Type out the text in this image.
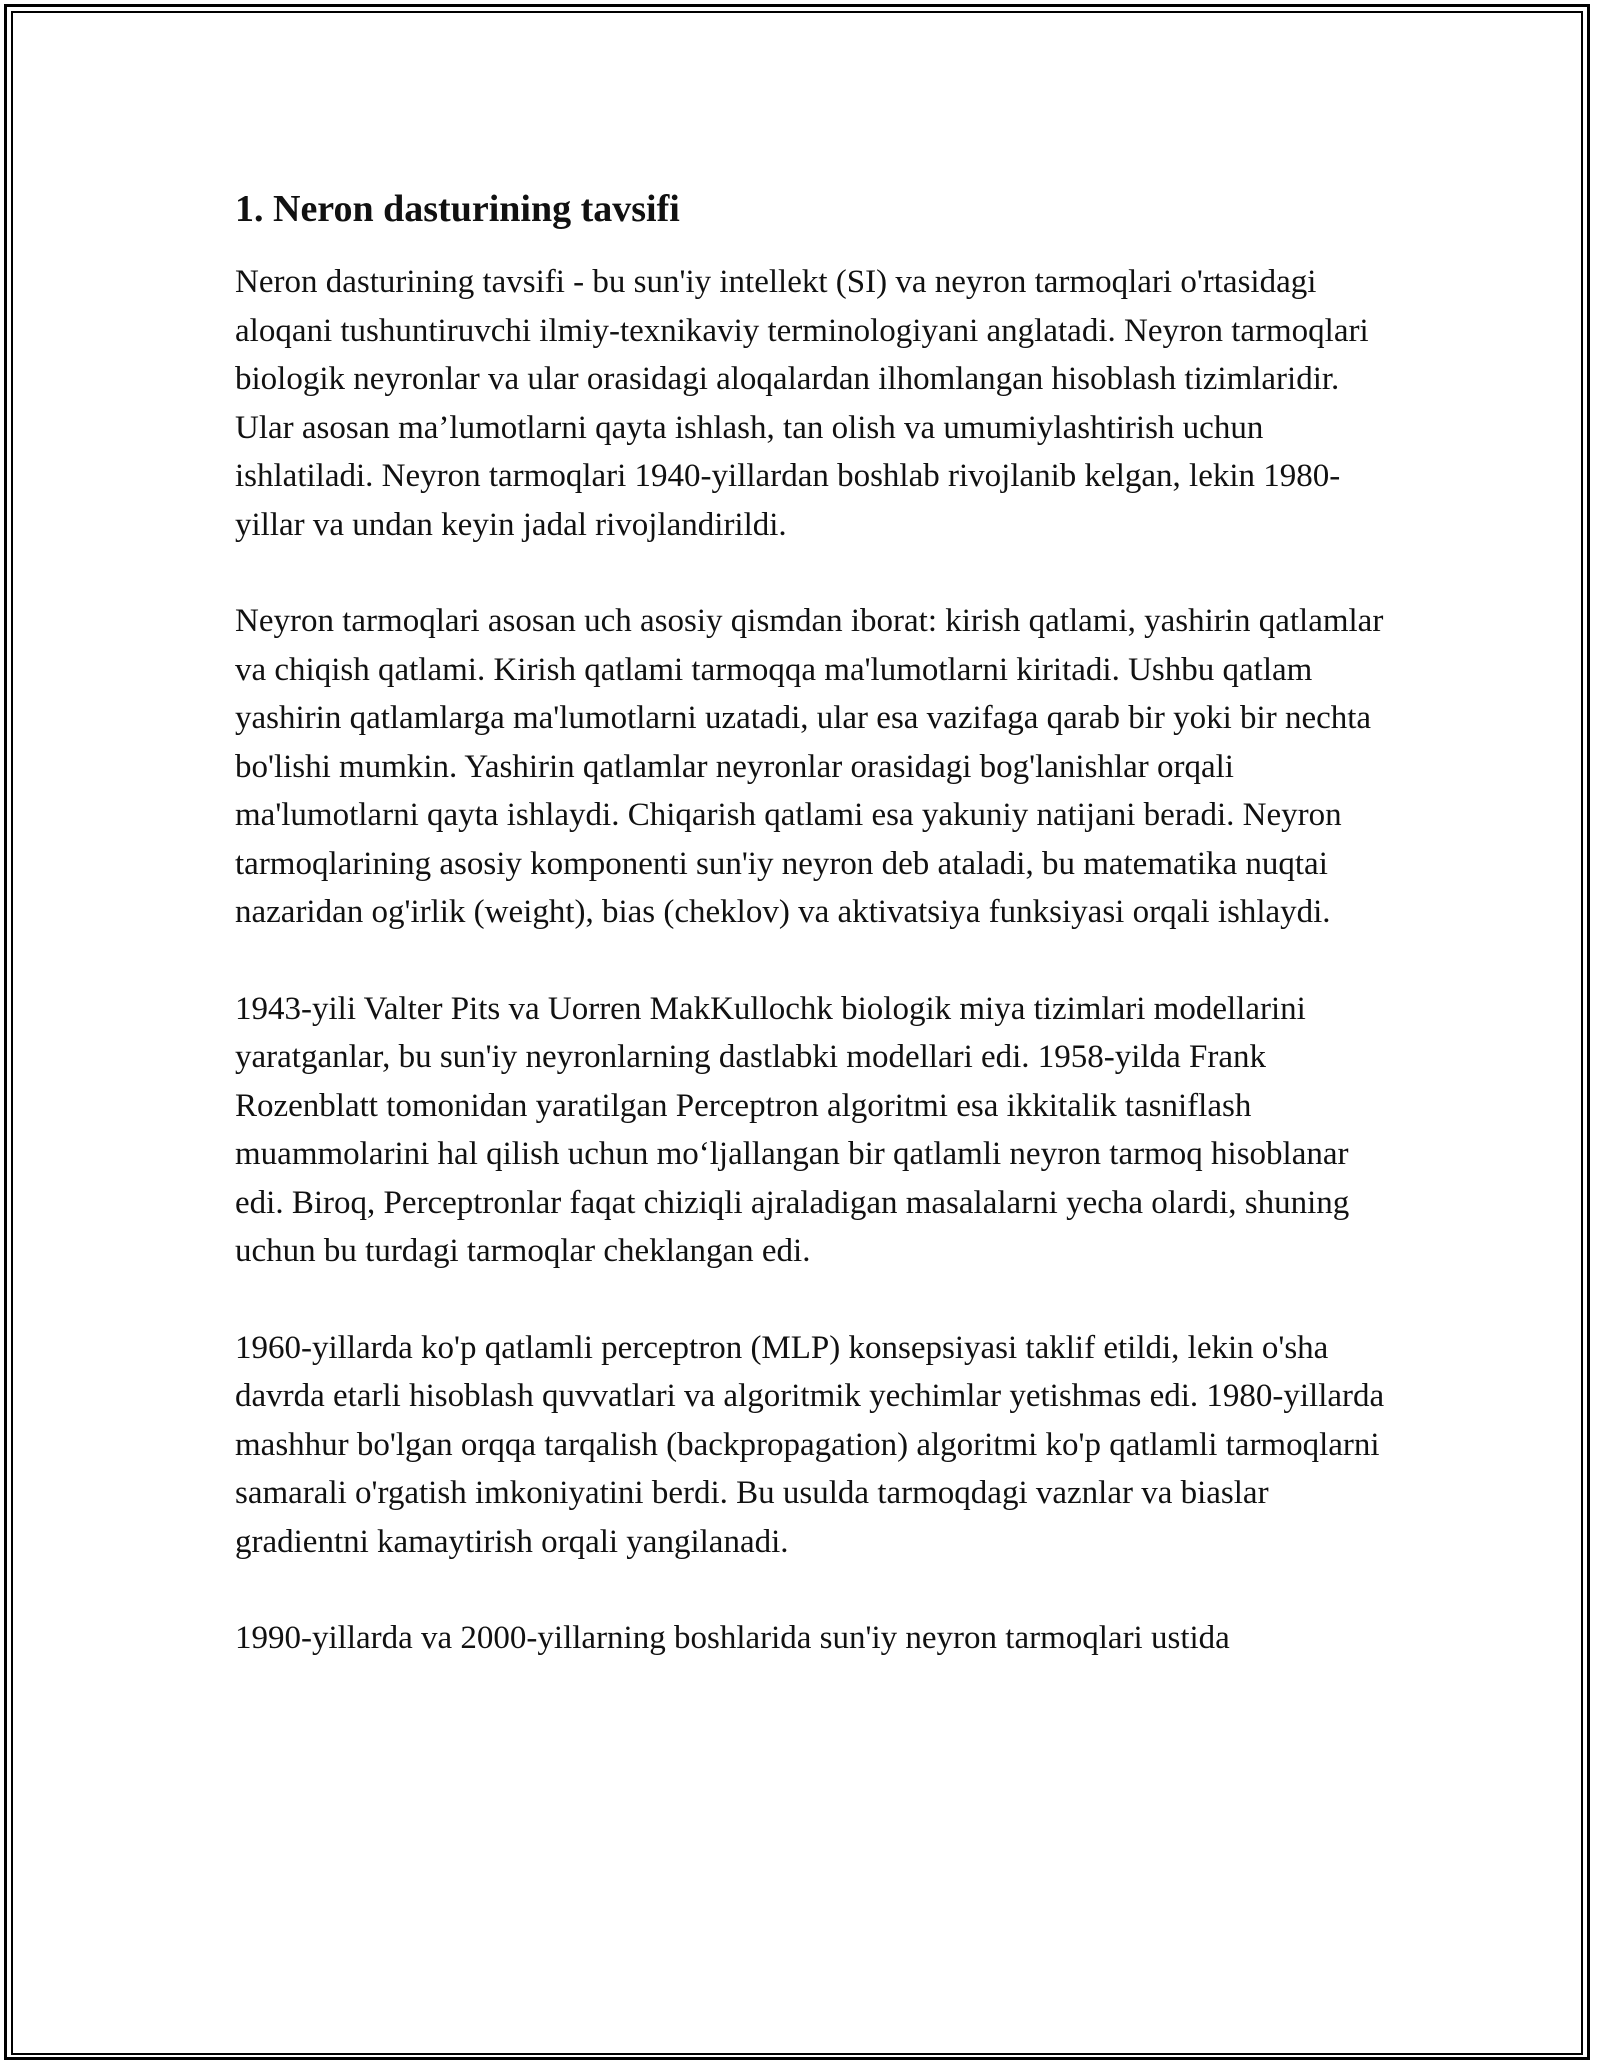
1. Neron dasturining tavsifi

Neron dasturining tavsifi - bu sun'iy intellekt (SI) va neyron tarmoqlari o'rtasidagi aloqani tushuntiruvchi ilmiy-texnikaviy terminologiyani anglatadi. Neyron tarmoqlari biologik neyronlar va ular orasidagi aloqalardan ilhomlangan hisoblash tizimlaridir. Ular asosan ma’lumotlarni qayta ishlash, tan olish va umumiylashtirish uchun ishlatiladi. Neyron tarmoqlari 1940-yillardan boshlab rivojlanib kelgan, lekin 1980-yillar va undan keyin jadal rivojlandirildi.

Neyron tarmoqlari asosan uch asosiy qismdan iborat: kirish qatlami, yashirin qatlamlar va chiqish qatlami. Kirish qatlami tarmoqqa ma'lumotlarni kiritadi. Ushbu qatlam yashirin qatlamlarga ma'lumotlarni uzatadi, ular esa vazifaga qarab bir yoki bir nechta bo'lishi mumkin. Yashirin qatlamlar neyronlar orasidagi bog'lanishlar orqali ma'lumotlarni qayta ishlaydi. Chiqarish qatlami esa yakuniy natijani beradi. Neyron tarmoqlarining asosiy komponenti sun'iy neyron deb ataladi, bu matematika nuqtai nazaridan og'irlik (weight), bias (cheklov) va aktivatsiya funksiyasi orqali ishlaydi.

1943-yili Valter Pits va Uorren MakKullochk biologik miya tizimlari modellarini yaratganlar, bu sun'iy neyronlarning dastlabki modellari edi. 1958-yilda Frank Rozenblatt tomonidan yaratilgan Perceptron algoritmi esa ikkitalik tasniflash muammolarini hal qilish uchun mo‘ljallangan bir qatlamli neyron tarmoq hisoblanar edi. Biroq, Perceptronlar faqat chiziqli ajraladigan masalalarni yecha olardi, shuning uchun bu turdagi tarmoqlar cheklangan edi.

1960-yillarda ko'p qatlamli perceptron (MLP) konsepsiyasi taklif etildi, lekin o'sha davrda etarli hisoblash quvvatlari va algoritmik yechimlar yetishmas edi. 1980-yillarda mashhur bo'lgan orqqa tarqalish (backpropagation) algoritmi ko'p qatlamli tarmoqlarni samarali o'rgatish imkoniyatini berdi. Bu usulda tarmoqdagi vaznlar va biaslar gradientni kamaytirish orqali yangilanadi.

1990-yillarda va 2000-yillarning boshlarida sun'iy neyron tarmoqlari ustida
